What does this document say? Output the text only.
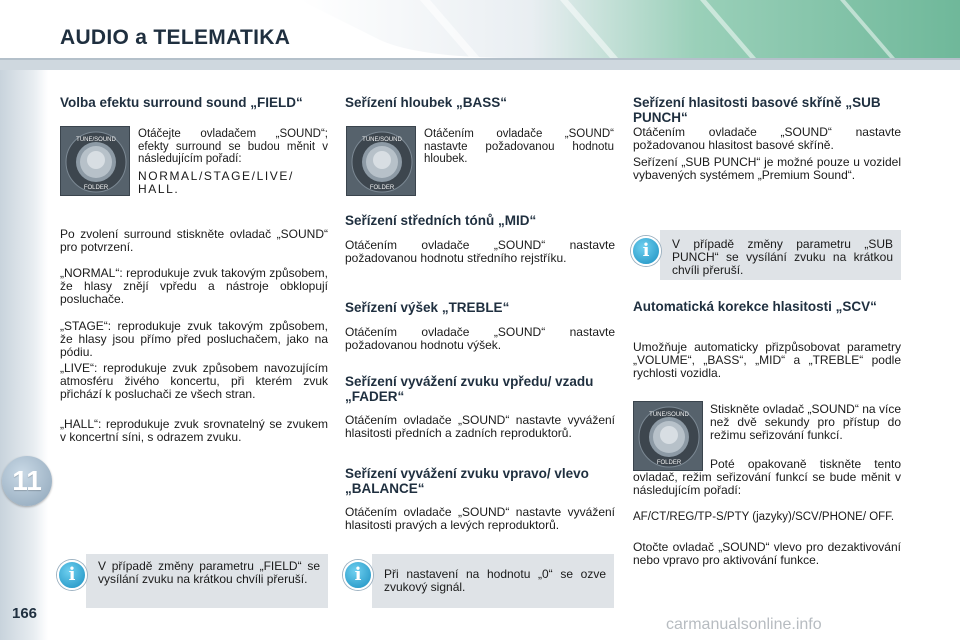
AUDIO a TELEMATIKA
11
166
Volba efektu surround sound „FIELD“
TUNE/SOUND
FOLDER

Otáčejte ovladačem „SOUND“; efekty surround se budou měnit v následujícím pořadí:

NORMAL/STAGE/LIVE/ HALL.

Po zvolení surround stiskněte ovladač „SOUND“ pro potvrzení.

„NORMAL“: reprodukuje zvuk takovým způsobem, že hlasy znějí vpředu a nástroje obklopují posluchače.

„STAGE“: reprodukuje zvuk takovým způsobem, že hlasy jsou přímo před posluchačem, jako na pódiu.

„LIVE“: reprodukuje zvuk způsobem navozujícím atmosféru živého koncertu, při kterém zvuk přichází k posluchači ze všech stran.

„HALL“: reprodukuje zvuk srovnatelný se zvukem v koncertní síni, s odrazem zvuku.

V případě změny parametru „FIELD“ se vysílání zvuku na krátkou chvíli přeruší.

i
Seřízení hloubek „BASS“
TUNE/SOUND
FOLDER

Otáčením ovladače „SOUND“ nastavte požadovanou hodnotu hloubek.

Seřízení středních tónů „MID“

Otáčením ovladače „SOUND“ nastavte požadovanou hodnotu středního rejstříku.

Seřízení výšek „TREBLE“

Otáčením ovladače „SOUND“ nastavte požadovanou hodnotu výšek.

Seřízení vyvážení zvuku vpředu/ vzadu „FADER“

Otáčením ovladače „SOUND“ nastavte vyvážení hlasitosti předních a zadních reproduktorů.

Seřízení vyvážení zvuku vpravo/ vlevo „BALANCE“

Otáčením ovladače „SOUND“ nastavte vyvážení hlasitosti pravých a levých reproduktorů.

Při nastavení na hodnotu „0“ se ozve zvukový signál.

i
Seřízení hlasitosti basové skříně „SUB PUNCH“

Otáčením ovladače „SOUND“ nastavte požadovanou hlasitost basové skříně.

Seřízení „SUB PUNCH“ je možné pouze u vozidel vybavených systémem „Premium Sound“.

V případě změny parametru „SUB PUNCH“ se vysílání zvuku na krátkou chvíli přeruší.

i
Automatická korekce hlasitosti „SCV“

Umožňuje automaticky přizpůsobovat parametry „VOLUME“, „BASS“, „MID“ a „TREBLE“ podle rychlosti vozidla.

TUNE/SOUND
FOLDER

Stiskněte ovladač „SOUND“ na více než dvě sekundy pro přístup do režimu seřizování funkcí.

Poté opakovaně tiskněte tento ovladač, režim seřizování funkcí se bude měnit v následujícím pořadí:

AF/CT/REG/TP-S/PTY (jazyky)/SCV/PHONE/ OFF.

Otočte ovladač „SOUND“ vlevo pro dezaktivování nebo vpravo pro aktivování funkce.

carmanualsonline.info
